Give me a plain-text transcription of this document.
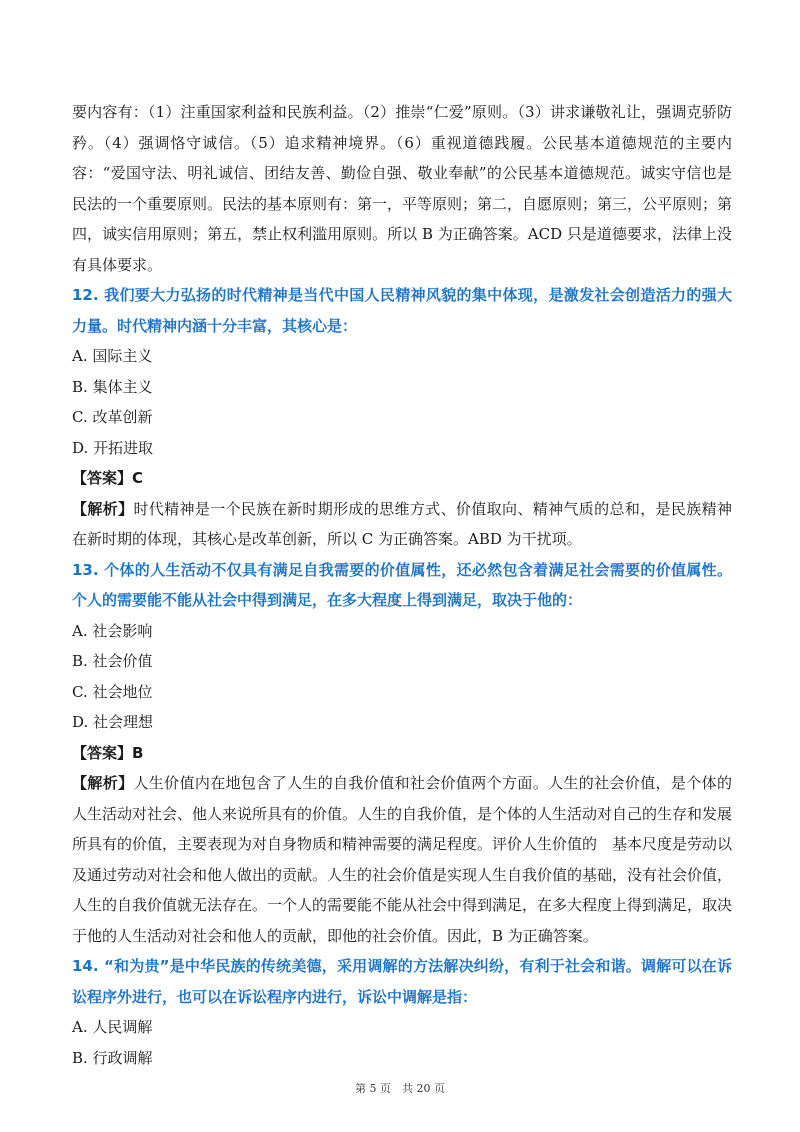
要内容有：（1）注重国家利益和民族利益。（2）推崇“仁爱”原则。（3）讲求谦敬礼让，强调克骄防矜。（4）强调恪守诚信。（5）追求精神境界。（6）重视道德践履。公民基本道德规范的主要内容：“爱国守法、明礼诚信、团结友善、勤俭自强、敬业奉献”的公民基本道德规范。诚实守信也是民法的一个重要原则。民法的基本原则有：第一，平等原则；第二，自愿原则；第三，公平原则；第四，诚实信用原则；第五，禁止权利滥用原则。所以 B 为正确答案。ACD 只是道德要求，法律上没有具体要求。

12. 我们要大力弘扬的时代精神是当代中国人民精神风貌的集中体现，是激发社会创造活力的强大力量。时代精神内涵十分丰富，其核心是：

A. 国际主义

B. 集体主义

C. 改革创新

D. 开拓进取

【答案】C

【解析】时代精神是一个民族在新时期形成的思维方式、价值取向、精神气质的总和，是民族精神在新时期的体现，其核心是改革创新，所以 C 为正确答案。ABD 为干扰项。

13. 个体的人生活动不仅具有满足自我需要的价值属性，还必然包含着满足社会需要的价值属性。个人的需要能不能从社会中得到满足，在多大程度上得到满足，取决于他的：

A. 社会影响

B. 社会价值

C. 社会地位

D. 社会理想

【答案】B

【解析】人生价值内在地包含了人生的自我价值和社会价值两个方面。人生的社会价值，是个体的人生活动对社会、他人来说所具有的价值。人生的自我价值，是个体的人生活动对自己的生存和发展所具有的价值，主要表现为对自身物质和精神需要的满足程度。评价人生价值的　基本尺度是劳动以及通过劳动对社会和他人做出的贡献。人生的社会价值是实现人生自我价值的基础，没有社会价值，人生的自我价值就无法存在。一个人的需要能不能从社会中得到满足，在多大程度上得到满足，取决于他的人生活动对社会和他人的贡献，即他的社会价值。因此，B 为正确答案。

14. “和为贵”是中华民族的传统美德，采用调解的方法解决纠纷，有利于社会和谐。调解可以在诉讼程序外进行，也可以在诉讼程序内进行，诉讼中调解是指：

A. 人民调解

B. 行政调解

第 5 页　共 20 页
